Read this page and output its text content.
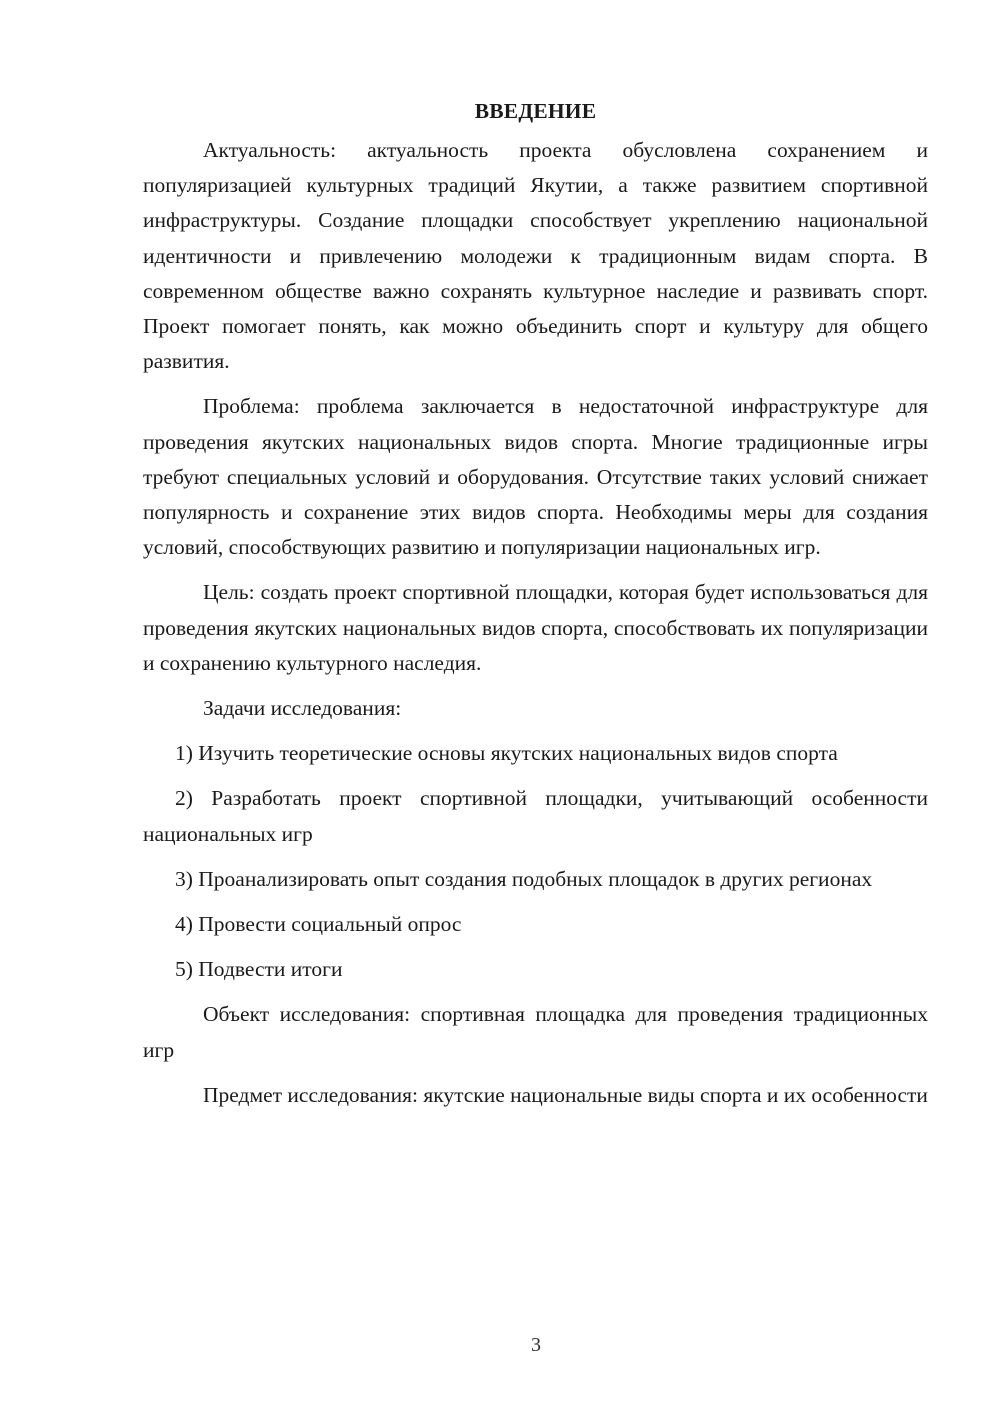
ВВЕДЕНИЕ

Актуальность: актуальность проекта обусловлена сохранением и популяризацией культурных традиций Якутии, а также развитием спортивной инфраструктуры. Создание площадки способствует укреплению национальной идентичности и привлечению молодежи к традиционным видам спорта. В современном обществе важно сохранять культурное наследие и развивать спорт. Проект помогает понять, как можно объединить спорт и культуру для общего развития.

Проблема: проблема заключается в недостаточной инфраструктуре для проведения якутских национальных видов спорта. Многие традиционные игры требуют специальных условий и оборудования. Отсутствие таких условий снижает популярность и сохранение этих видов спорта. Необходимы меры для создания условий, способствующих развитию и популяризации национальных игр.

Цель: создать проект спортивной площадки, которая будет использоваться для проведения якутских национальных видов спорта, способствовать их популяризации и сохранению культурного наследия.

Задачи исследования:

1) Изучить теоретические основы якутских национальных видов спорта

2) Разработать проект спортивной площадки, учитывающий особенности национальных игр

3) Проанализировать опыт создания подобных площадок в других регионах

4) Провести социальный опрос

5) Подвести итоги

Объект исследования: спортивная площадка для проведения традиционных игр

Предмет исследования: якутские национальные виды спорта и их особенности

3
